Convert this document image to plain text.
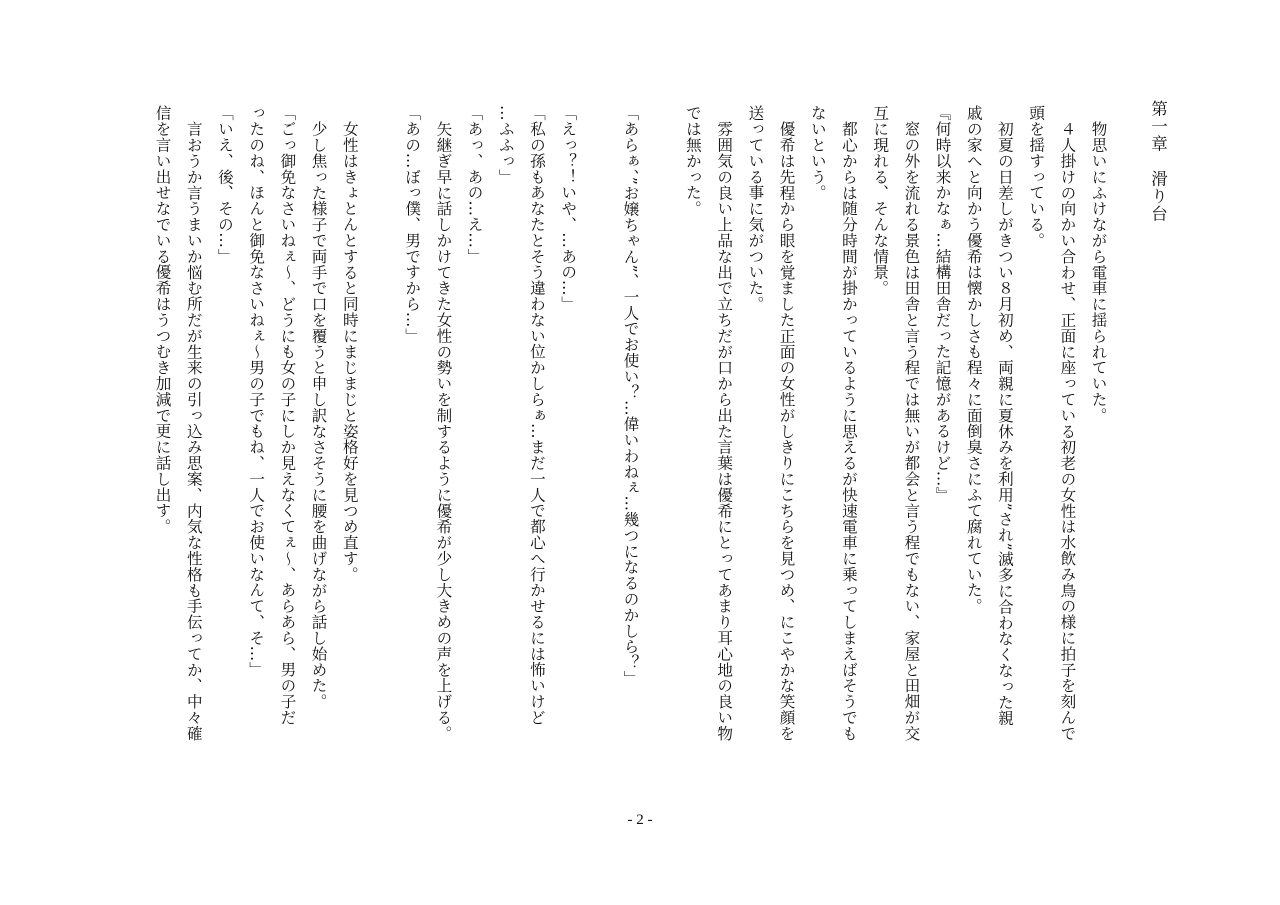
第一章　滑り台
物思いにふけながら電車に揺られていた。
４人掛けの向かい合わせ、正面に座っている初老の女性は水飲み鳥の様に拍子を刻んで
頭を揺すっている。
初夏の日差しがきつい８月初め、両親に夏休みを利用”され”滅多に合わなくなった親
戚の家へと向かう優希は懐かしさも程々に面倒臭さにふて腐れていた。
『何時以来かなぁ…結構田舎だった記憶があるけど…』
窓の外を流れる景色は田舎と言う程では無いが都会と言う程でもない、家屋と田畑が交
互に現れる、そんな情景。
都心からは随分時間が掛かっているように思えるが快速電車に乗ってしまえばそうでも
ないという。
優希は先程から眼を覚ました正面の女性がしきりにこちらを見つめ、にこやかな笑顔を
送っている事に気がついた。
雰囲気の良い上品な出で立ちだが口から出た言葉は優希にとってあまり耳心地の良い物
では無かった。
「あらぁ、”お嬢ちゃん”、一人でお使い？…偉いわねぇ…幾つになるのかしら？」
「えっ？！いや、…あの…」
「私の孫もあなたとそう違わない位かしらぁ…まだ一人で都心へ行かせるには怖いけど
…ふふっ」
「あっ、あの…え…」
矢継ぎ早に話しかけてきた女性の勢いを制するように優希が少し大きめの声を上げる。
「あの…ぼっ僕、男ですから…」
女性はきょとんとすると同時にまじまじと姿格好を見つめ直す。
少し焦った様子で両手で口を覆うと申し訳なさそうに腰を曲げながら話し始めた。
「ごっ御免なさいねぇ～、どうにも女の子にしか見えなくてぇ～、あらあら、男の子だ
ったのね、ほんと御免なさいねぇ～男の子でもね、一人でお使いなんて、そ…」
「いえ、後、その…」
言おうか言うまいか悩む所だが生来の引っ込み思案、内気な性格も手伝ってか、中々確
信を言い出せなでいる優希はうつむき加減で更に話し出す。
- 2 -
